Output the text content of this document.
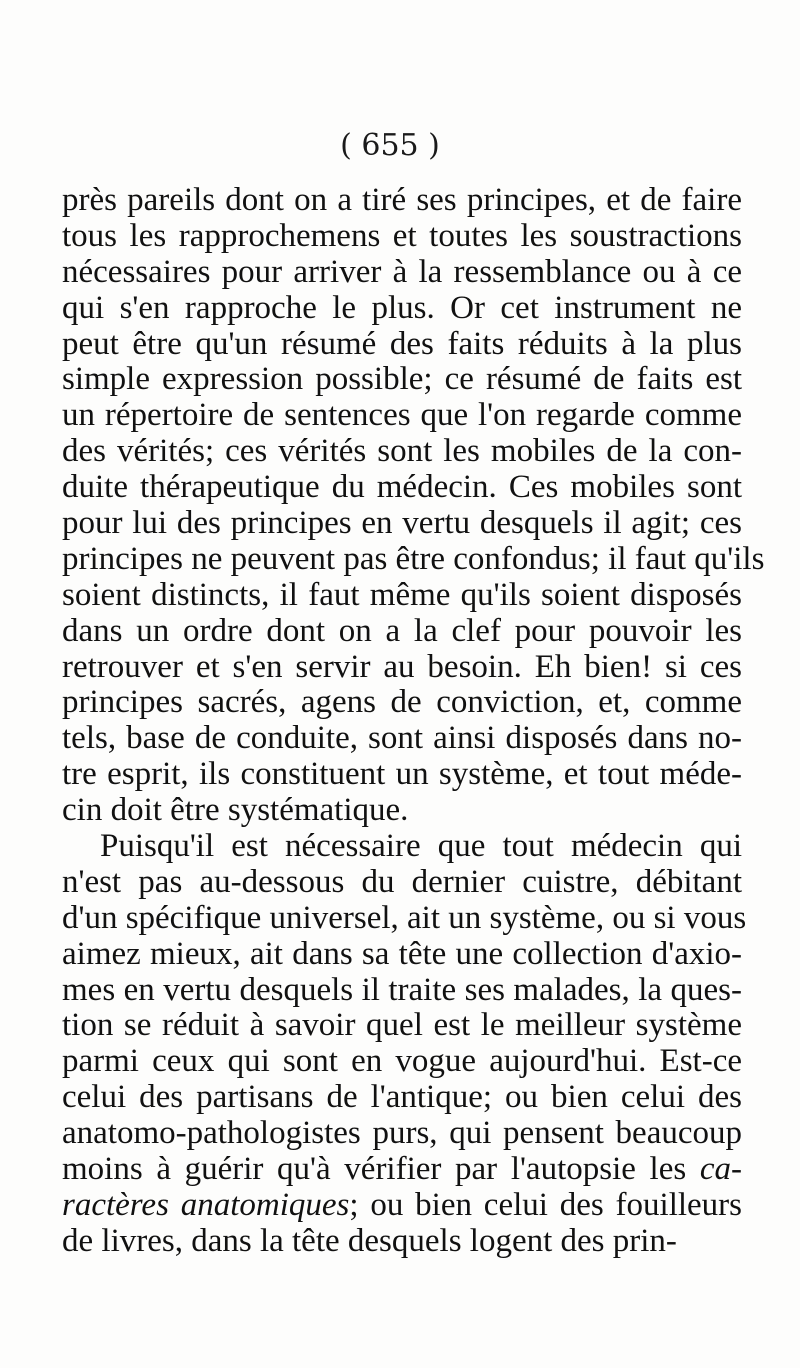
( 655 )
près pareils dont on a tiré ses principes, et de faire
tous les rapprochemens et toutes les soustractions
nécessaires pour arriver à la ressemblance ou à ce
qui s'en rapproche le plus. Or cet instrument ne
peut être qu'un résumé des faits réduits à la plus
simple expression possible; ce résumé de faits est
un répertoire de sentences que l'on regarde comme
des vérités; ces vérités sont les mobiles de la con-
duite thérapeutique du médecin. Ces mobiles sont
pour lui des principes en vertu desquels il agit; ces
principes ne peuvent pas être confondus; il faut qu'ils
soient distincts, il faut même qu'ils soient disposés
dans un ordre dont on a la clef pour pouvoir les
retrouver et s'en servir au besoin. Eh bien! si ces
principes sacrés, agens de conviction, et, comme
tels, base de conduite, sont ainsi disposés dans no-
tre esprit, ils constituent un système, et tout méde-
cin doit être systématique.
Puisqu'il est nécessaire que tout médecin qui
n'est pas au-dessous du dernier cuistre, débitant
d'un spécifique universel, ait un système, ou si vous
aimez mieux, ait dans sa tête une collection d'axio-
mes en vertu desquels il traite ses malades, la ques-
tion se réduit à savoir quel est le meilleur système
parmi ceux qui sont en vogue aujourd'hui. Est-ce
celui des partisans de l'antique; ou bien celui des
anatomo-pathologistes purs, qui pensent beaucoup
moins à guérir qu'à vérifier par l'autopsie les ca-
ractères anatomiques; ou bien celui des fouilleurs
de livres, dans la tête desquels logent des prin-
